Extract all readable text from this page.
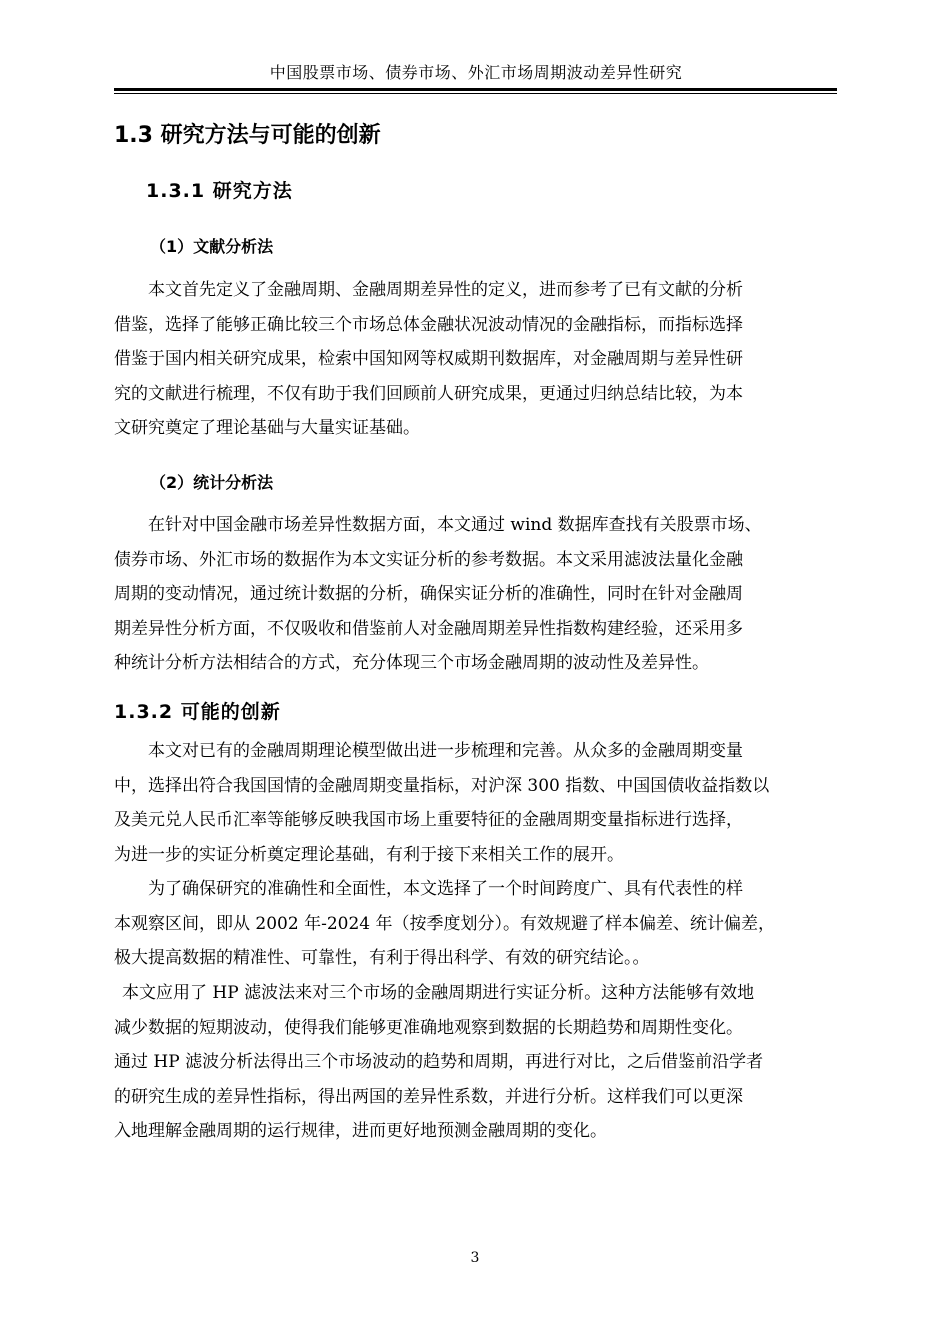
中国股票市场、债券市场、外汇市场周期波动差异性研究
1.3 研究方法与可能的创新
1.3.1 研究方法
（1）文献分析法
本文首先定义了金融周期、金融周期差异性的定义，进而参考了已有文献的分析
借鉴，选择了能够正确比较三个市场总体金融状况波动情况的金融指标，而指标选择
借鉴于国内相关研究成果，检索中国知网等权威期刊数据库，对金融周期与差异性研
究的文献进行梳理，不仅有助于我们回顾前人研究成果，更通过归纳总结比较，为本
文研究奠定了理论基础与大量实证基础。
（2）统计分析法
在针对中国金融市场差异性数据方面，本文通过 wind 数据库查找有关股票市场、
债券市场、外汇市场的数据作为本文实证分析的参考数据。本文采用滤波法量化金融
周期的变动情况，通过统计数据的分析，确保实证分析的准确性，同时在针对金融周
期差异性分析方面，不仅吸收和借鉴前人对金融周期差异性指数构建经验，还采用多
种统计分析方法相结合的方式，充分体现三个市场金融周期的波动性及差异性。
1.3.2 可能的创新
本文对已有的金融周期理论模型做出进一步梳理和完善。从众多的金融周期变量
中，选择出符合我国国情的金融周期变量指标，对沪深 300 指数、中国国债收益指数以
及美元兑人民币汇率等能够反映我国市场上重要特征的金融周期变量指标进行选择，
为进一步的实证分析奠定理论基础，有利于接下来相关工作的展开。
为了确保研究的准确性和全面性，本文选择了一个时间跨度广、具有代表性的样
本观察区间，即从 2002 年-2024 年（按季度划分）。有效规避了样本偏差、统计偏差，
极大提高数据的精准性、可靠性，有利于得出科学、有效的研究结论。。
本文应用了 HP 滤波法来对三个市场的金融周期进行实证分析。这种方法能够有效地
减少数据的短期波动，使得我们能够更准确地观察到数据的长期趋势和周期性变化。
通过 HP 滤波分析法得出三个市场波动的趋势和周期，再进行对比，之后借鉴前沿学者
的研究生成的差异性指标，得出两国的差异性系数，并进行分析。这样我们可以更深
入地理解金融周期的运行规律，进而更好地预测金融周期的变化。
3
